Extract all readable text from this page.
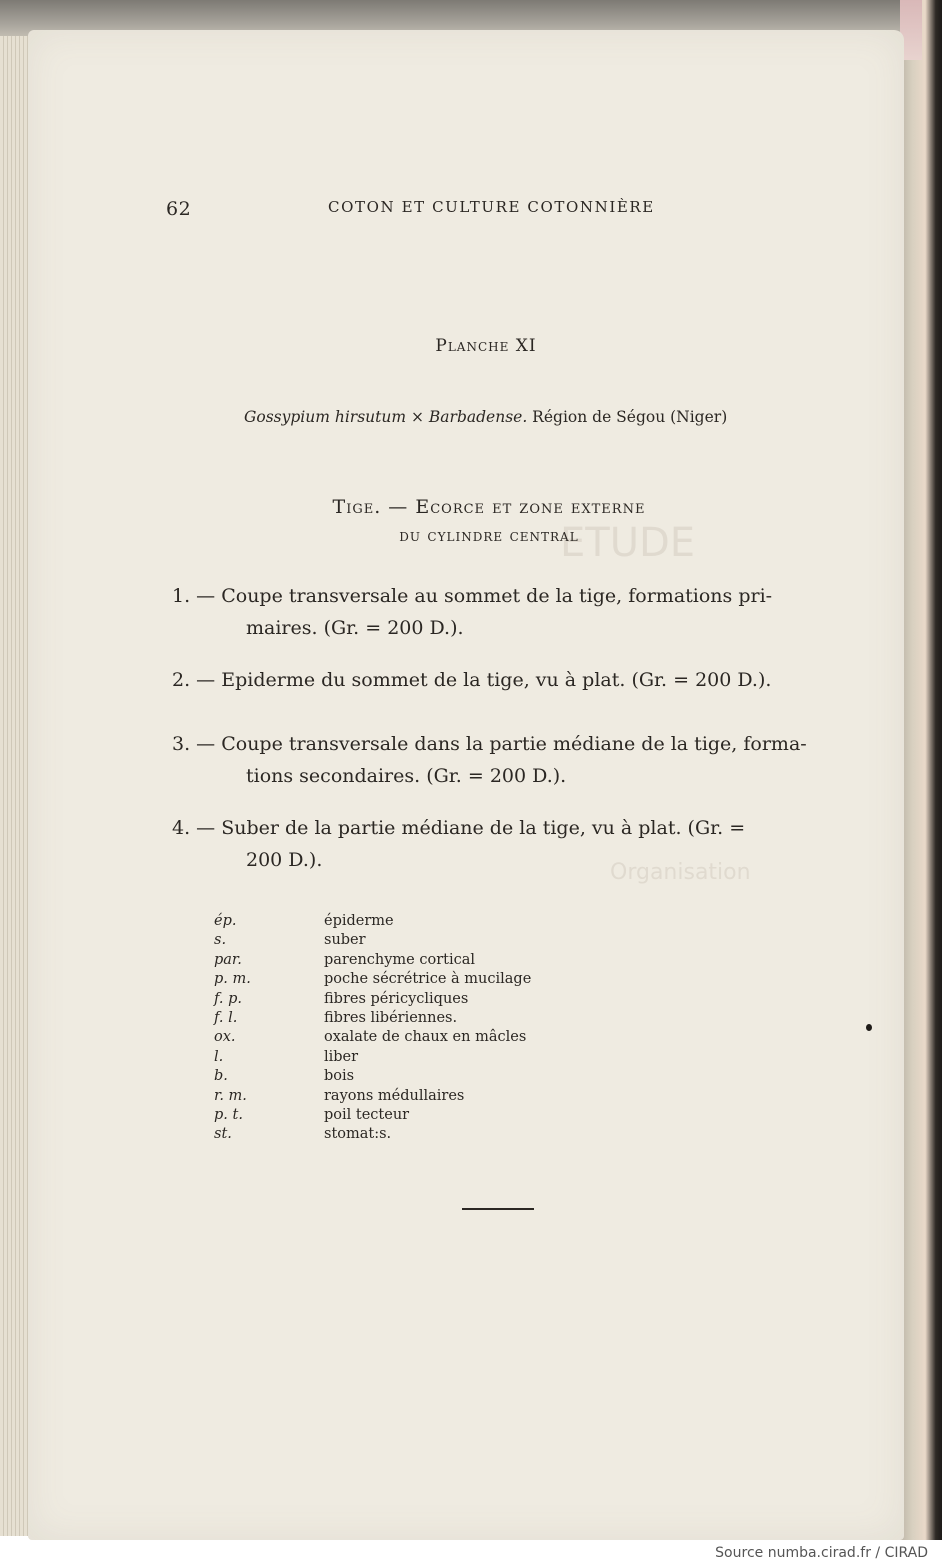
ETUDE
Organisation
62	COTON ET CULTURE COTONNIÈRE
Planche XI
Gossypium hirsutum × Barbadense. Région de Ségou (Niger)
Tige. — Ecorce et zone externe
du cylindre central
1. — Coupe transversale au sommet de la tige, formations pri-
maires. (Gr. = 200 D.).
2. — Epiderme du sommet de la tige, vu à plat. (Gr. = 200 D.).
3. — Coupe transversale dans la partie médiane de la tige, forma-
tions secondaires. (Gr. = 200 D.).
4. — Suber de la partie médiane de la tige, vu à plat. (Gr. =
200 D.).
ép.	épiderme
s.	suber
par.	parenchyme cortical
p. m.	poche sécrétrice à mucilage
f. p.	fibres péricycliques
f. l.	fibres libériennes.
ox.	oxalate de chaux en mâcles
l.	liber
b.	bois
r. m.	rayons médullaires
p. t.	poil tecteur
st.	stomat:s.
Source numba.cirad.fr / CIRAD
